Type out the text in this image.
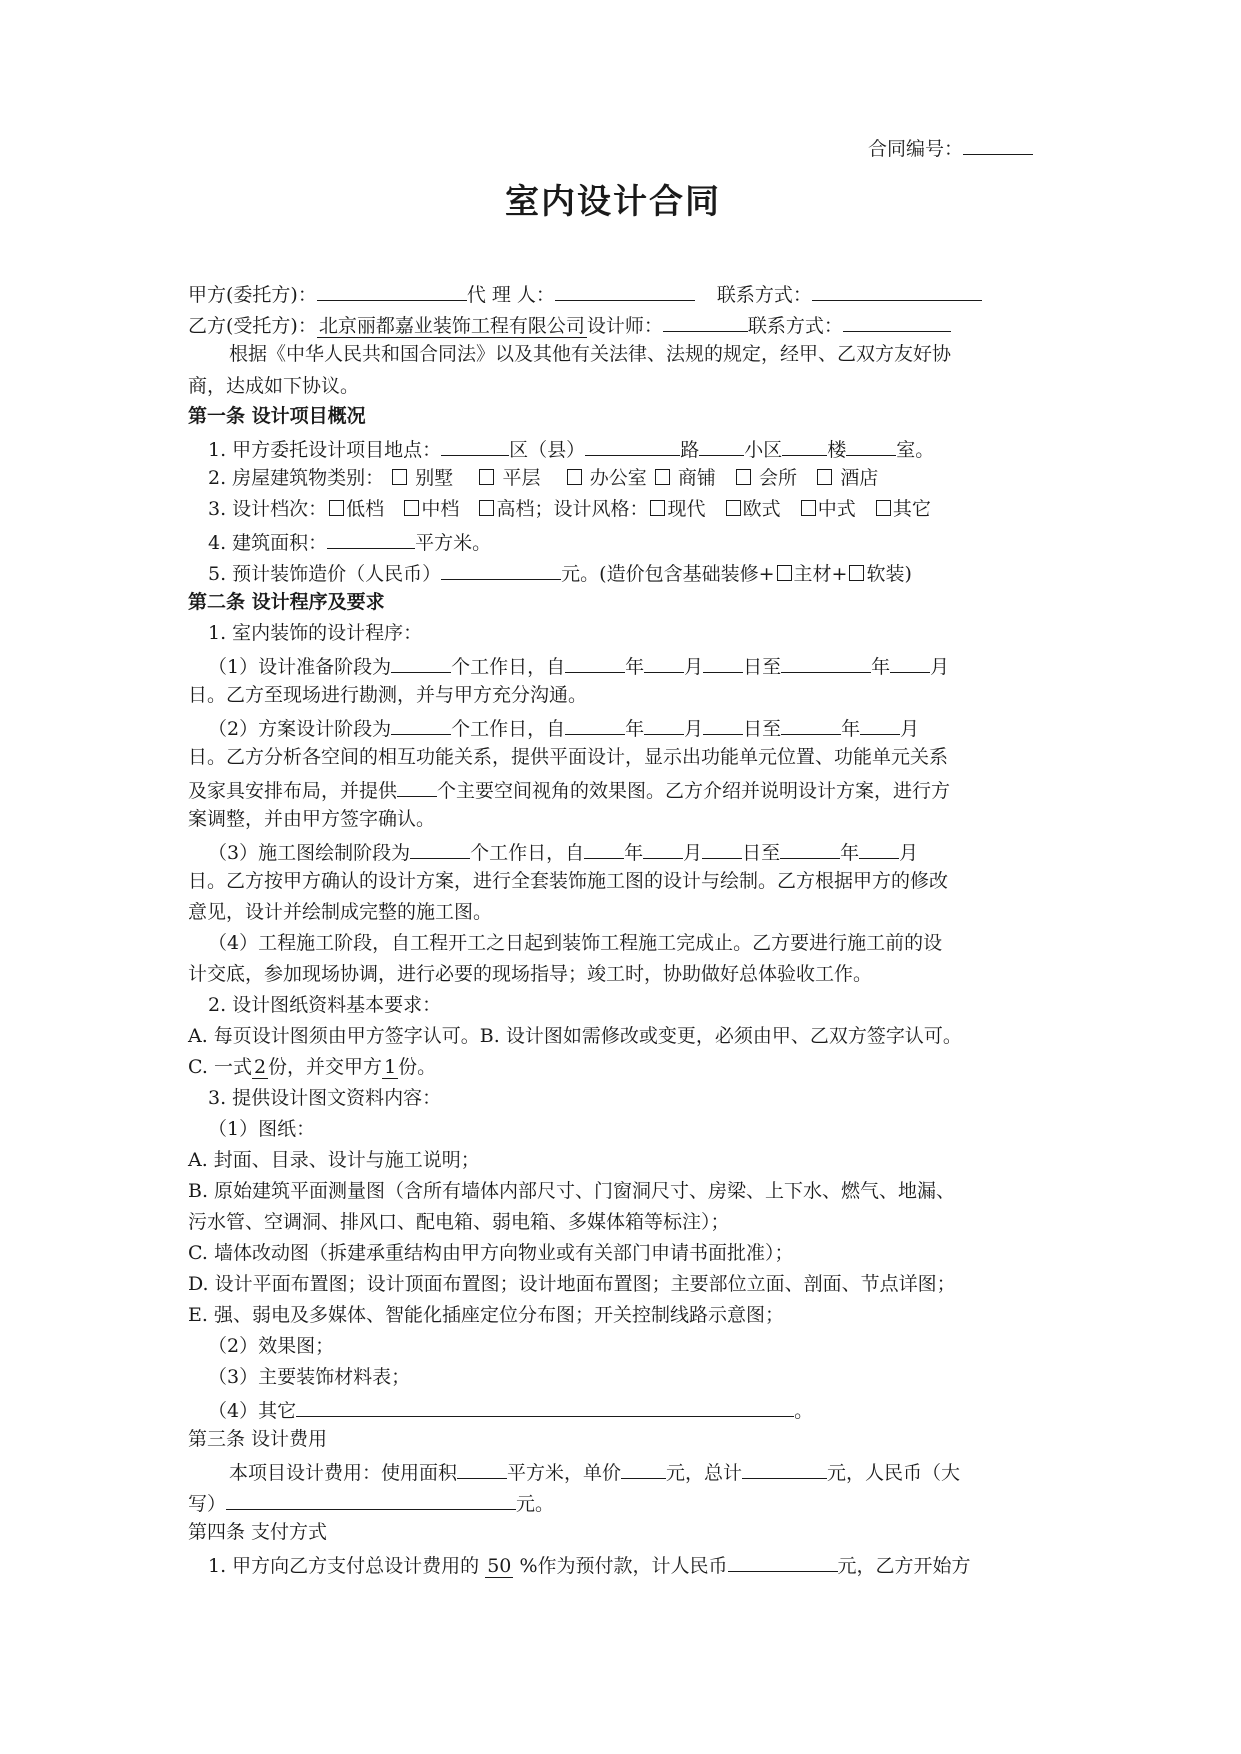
合同编号：
室内设计合同
甲方(委托方)：	代 理 人：	联系方式：
乙方(受托方)： 北京丽都嘉业装饰工程有限公司 设计师：	联系方式：
根据《中华人民共和国合同法》以及其他有关法律、法规的规定，经甲、乙双方友好协
商，达成如下协议。
第一条 设计项目概况
1. 甲方委托设计项目地点：	区（县）	路 小区 楼	室。
2. 房屋建筑物类别： 别墅	平层	办公室 商铺 会所 酒店
3. 设计档次： 低档 中档 高档；设计风格： 现代 欧式 中式 其它
4. 建筑面积：	平方米。
5. 预计装饰造价（人民币）	元。(造价包含基础装修+ 主材+ 软装)
第二条 设计程序及要求
1. 室内装饰的设计程序：
（1）设计准备阶段为	个工作日，自	年 月 日至	年 月
日。乙方至现场进行勘测，并与甲方充分沟通。
（2）方案设计阶段为	个工作日，自	年 月 日至	年 月
日。乙方分析各空间的相互功能关系，提供平面设计，显示出功能单元位置、功能单元关系
及家具安排布局，并提供 个主要空间视角的效果图。乙方介绍并说明设计方案，进行方
案调整，并由甲方签字确认。
（3）施工图绘制阶段为	个工作日，自 年 月 日至	年 月
日。乙方按甲方确认的设计方案，进行全套装饰施工图的设计与绘制。乙方根据甲方的修改
意见，设计并绘制成完整的施工图。
（4）工程施工阶段，自工程开工之日起到装饰工程施工完成止。乙方要进行施工前的设
计交底，参加现场协调，进行必要的现场指导；竣工时，协助做好总体验收工作。
2. 设计图纸资料基本要求：
A. 每页设计图须由甲方签字认可。B. 设计图如需修改或变更，必须由甲、乙双方签字认可。
C. 一式 2 份，并交甲方 1 份。
3. 提供设计图文资料内容：
（1）图纸：
A. 封面、目录、设计与施工说明；
B. 原始建筑平面测量图（含所有墙体内部尺寸、门窗洞尺寸、房梁、上下水、燃气、地漏、
污水管、空调洞、排风口、配电箱、弱电箱、多媒体箱等标注）；
C. 墙体改动图（拆建承重结构由甲方向物业或有关部门申请书面批准）；
D. 设计平面布置图；设计顶面布置图；设计地面布置图；主要部位立面、剖面、节点详图；
E. 强、弱电及多媒体、智能化插座定位分布图；开关控制线路示意图；
（2）效果图；
（3）主要装饰材料表；
（4）其它	。
第三条 设计费用
本项目设计费用：使用面积	平方米，单价 元，总计	元，人民币（大
写）	元。
第四条 支付方式
1. 甲方向乙方支付总设计费用的 50 %作为预付款，计人民币	元，乙方开始方
